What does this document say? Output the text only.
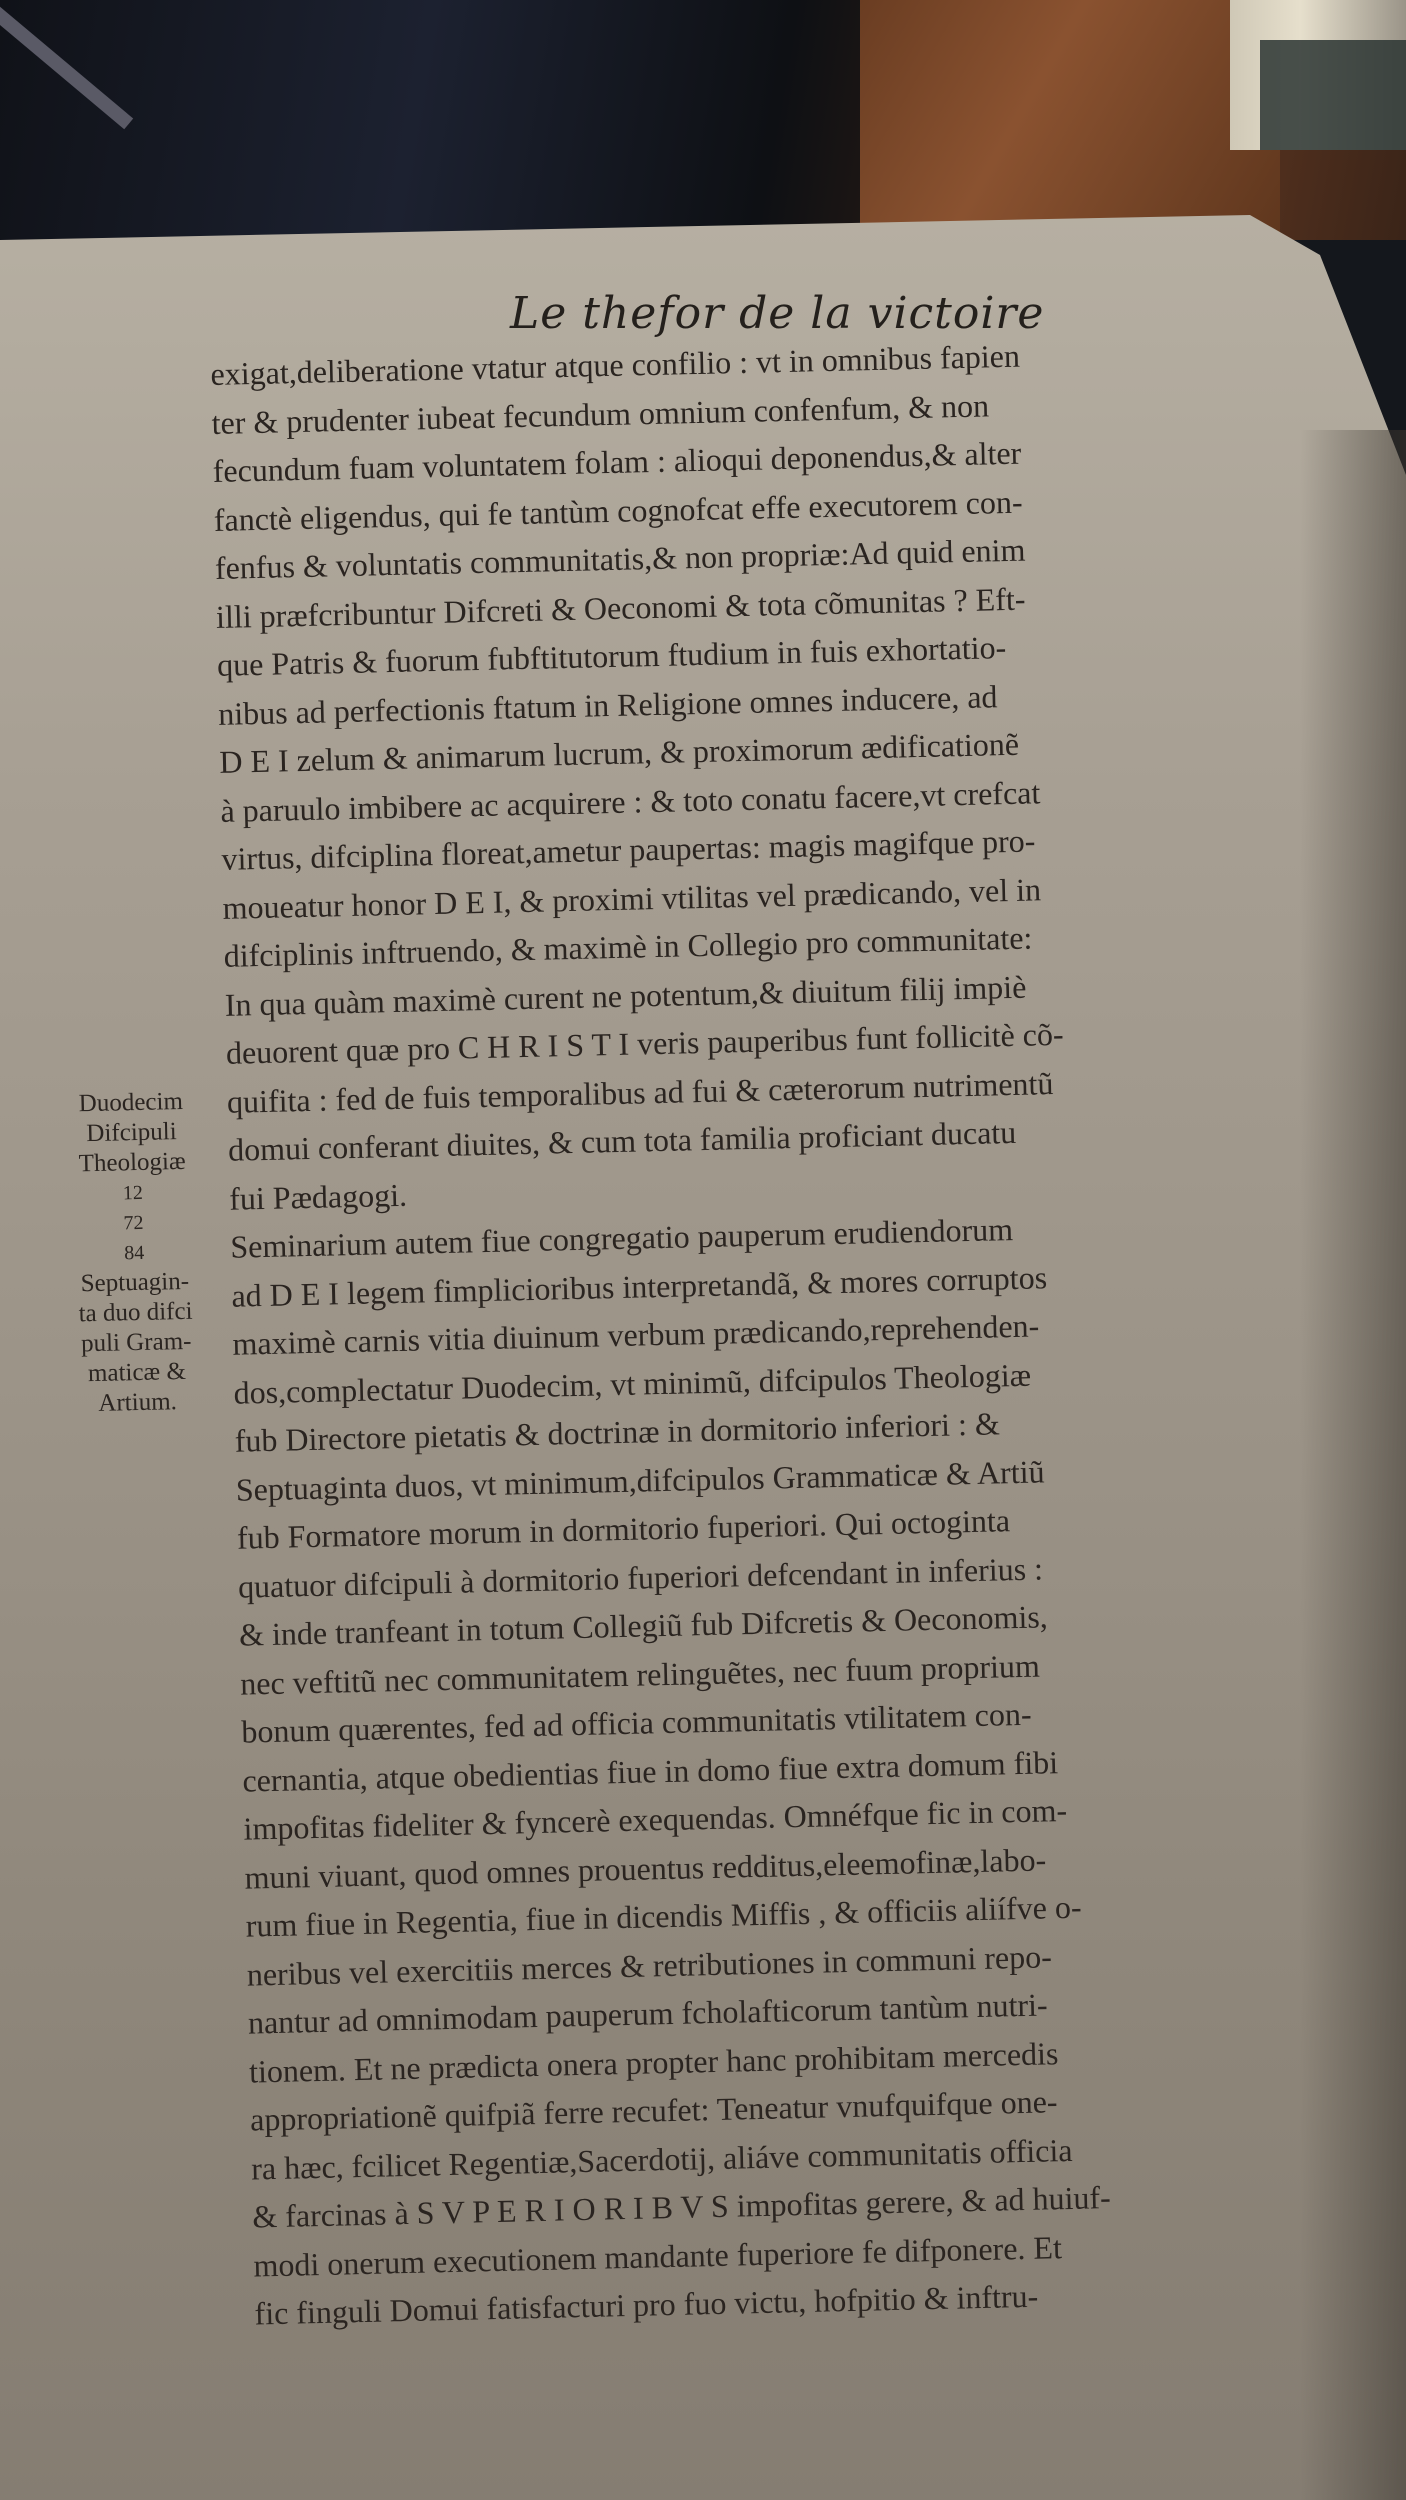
Le thefor de la victoire
exigat,deliberatione vtatur atque confilio : vt in omnibus fapien
ter & prudenter iubeat fecundum omnium confenfum, & non
fecundum fuam voluntatem folam : alioqui deponendus,& alter
fanctè eligendus, qui fe tantùm cognofcat effe executorem con-
fenfus & voluntatis communitatis,& non propriæ:Ad quid enim
illi præfcribuntur Difcreti & Oeconomi & tota cõmunitas ? Eft-
que Patris & fuorum fubftitutorum ftudium in fuis exhortatio-
nibus ad perfectionis ftatum in Religione omnes inducere, ad
D E I zelum & animarum lucrum, & proximorum ædificationẽ
à paruulo imbibere ac acquirere : & toto conatu facere,vt crefcat
virtus, difciplina floreat,ametur paupertas: magis magifque pro-
moueatur honor D E I, & proximi vtilitas vel prædicando, vel in
difciplinis inftruendo, & maximè in Collegio pro communitate:
In qua quàm maximè curent ne potentum,& diuitum filij impiè
deuorent quæ pro C H R I S T I veris pauperibus funt follicitè cõ-
quifita : fed de fuis temporalibus ad fui & cæterorum nutrimentũ
domui conferant diuites, & cum tota familia proficiant ducatu
fui Pædagogi.
Seminarium autem fiue congregatio pauperum erudiendorum
ad D E I legem fimplicioribus interpretandã, & mores corruptos
maximè carnis vitia diuinum verbum prædicando,reprehenden-
dos,complectatur Duodecim, vt minimũ, difcipulos Theologiæ
fub Directore pietatis & doctrinæ in dormitorio inferiori : &
Septuaginta duos, vt minimum,difcipulos Grammaticæ & Artiũ
fub Formatore morum in dormitorio fuperiori. Qui octoginta
quatuor difcipuli à dormitorio fuperiori defcendant in inferius :
& inde tranfeant in totum Collegiũ fub Difcretis & Oeconomis,
nec veftitũ nec communitatem relinguẽtes, nec fuum proprium
bonum quærentes, fed ad officia communitatis vtilitatem con-
cernantia, atque obedientias fiue in domo fiue extra domum fibi
impofitas fideliter & fyncerè exequendas. Omnéfque fic in com-
muni viuant, quod omnes prouentus redditus,eleemofinæ,labo-
rum fiue in Regentia, fiue in dicendis Miffis , & officiis aliífve o-
neribus vel exercitiis merces & retributiones in communi repo-
nantur ad omnimodam pauperum fcholafticorum tantùm nutri-
tionem. Et ne prædicta onera propter hanc prohibitam mercedis
appropriationẽ quifpiã ferre recufet: Teneatur vnufquifque one-
ra hæc, fcilicet Regentiæ,Sacerdotij, aliáve communitatis officia
& farcinas à S V P E R I O R I B V S impofitas gerere, & ad huiuf-
modi onerum executionem mandante fuperiore fe difponere. Et
fic finguli Domui fatisfacturi pro fuo victu, hofpitio & inftru-
Duodecim
Difcipuli
Theologiæ
12
72
84
Septuagin-
ta duo difci
puli Gram-
maticæ &
Artium.
